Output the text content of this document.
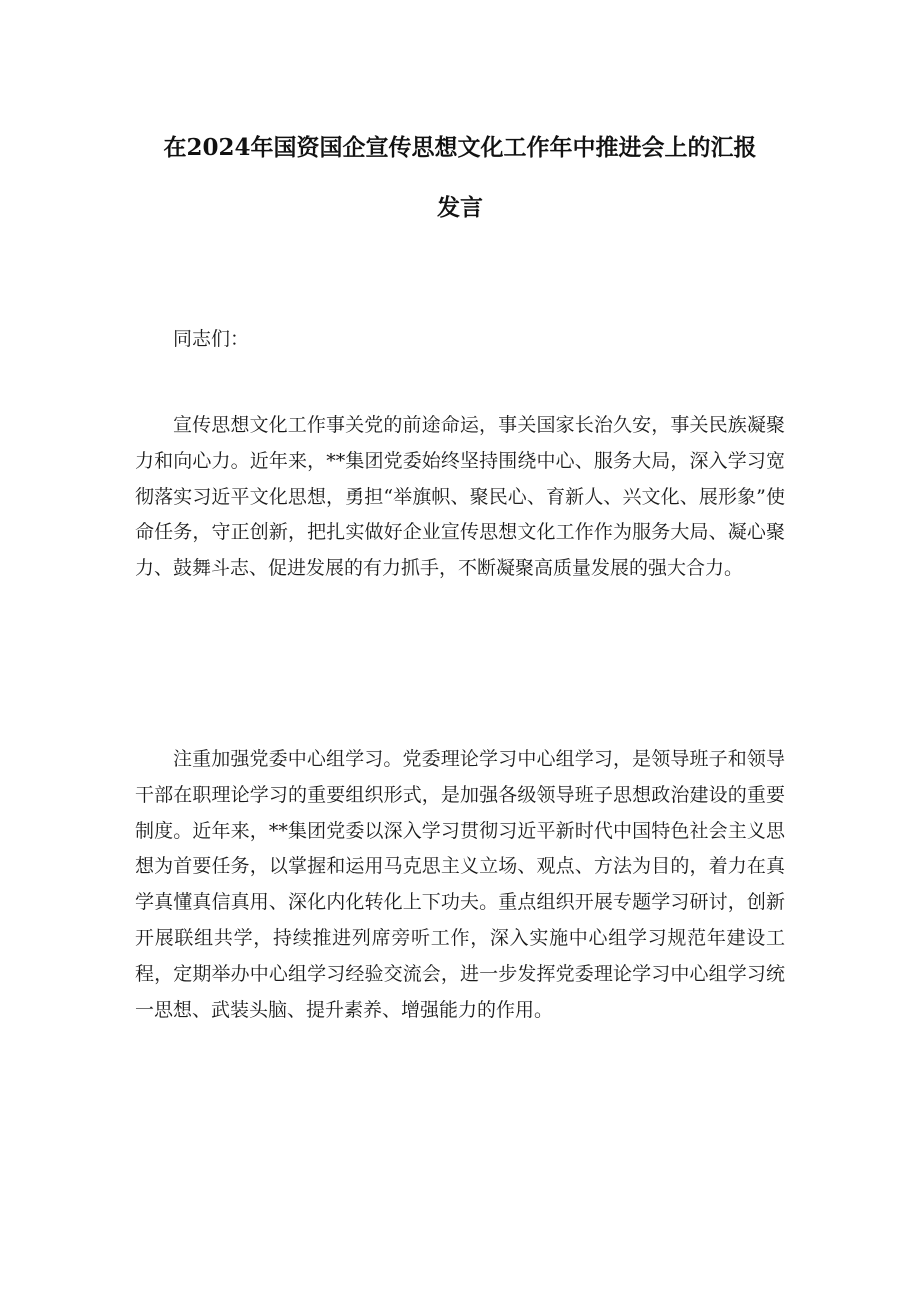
在2024年国资国企宣传思想文化工作年中推进会上的汇报
发言

同志们：

宣传思想文化工作事关党的前途命运，事关国家长治久安，事关民族凝聚力和向心力。近年来，**集团党委始终坚持围绕中心、服务大局，深入学习宽彻落实习近平文化思想，勇担“举旗帜、聚民心、育新人、兴文化、展形象”使命任务，守正创新，把扎实做好企业宣传思想文化工作作为服务大局、凝心聚力、鼓舞斗志、促进发展的有力抓手，不断凝聚高质量发展的强大合力。

注重加强党委中心组学习。党委理论学习中心组学习，是领导班子和领导干部在职理论学习的重要组织形式，是加强各级领导班子思想政治建设的重要制度。近年来，**集团党委以深入学习贯彻习近平新时代中国特色社会主义思想为首要任务，以掌握和运用马克思主义立场、观点、方法为目的，着力在真学真懂真信真用、深化内化转化上下功夫。重点组织开展专题学习研讨，创新开展联组共学，持续推进列席旁听工作，深入实施中心组学习规范年建设工程，定期举办中心组学习经验交流会，进一步发挥党委理论学习中心组学习统一思想、武装头脑、提升素养、增强能力的作用。
